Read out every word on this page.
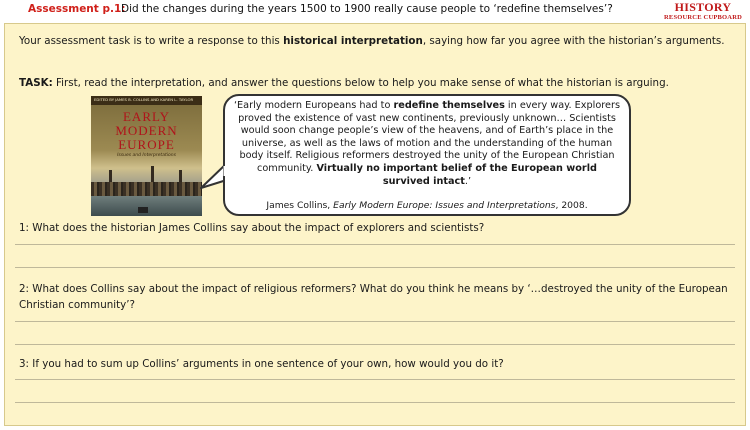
Assessment p.1:
Did the changes during the years 1500 to 1900 really cause people to ‘redefine themselves’?	HISTORY
RESOURCE CUPBOARD
Your assessment task is to write a response to this historical interpretation, saying how far you agree with the historian’s arguments.
TASK: First, read the interpretation, and answer the questions below to help you make sense of what the historian is arguing.
EDITED BY JAMES B. COLLINS AND KAREN L. TAYLOR
EARLY
MODERN
EUROPE
Issues and Interpretations
‘Early modern Europeans had to redefine themselves in every way. Explorers proved the existence of vast new continents, previously unknown… Scientists would soon change people’s view of the heavens, and of Earth’s place in the universe, as well as the laws of motion and the understanding of the human body itself. Religious reformers destroyed the unity of the European Christian community. Virtually no important belief of the European world survived intact.’
James Collins, Early Modern Europe: Issues and Interpretations, 2008.
1: What does the historian James Collins say about the impact of explorers and scientists?
2: What does Collins say about the impact of religious reformers? What do you think he means by ‘…destroyed the unity of the European Christian community’?
3: If you had to sum up Collins’ arguments in one sentence of your own, how would you do it?
